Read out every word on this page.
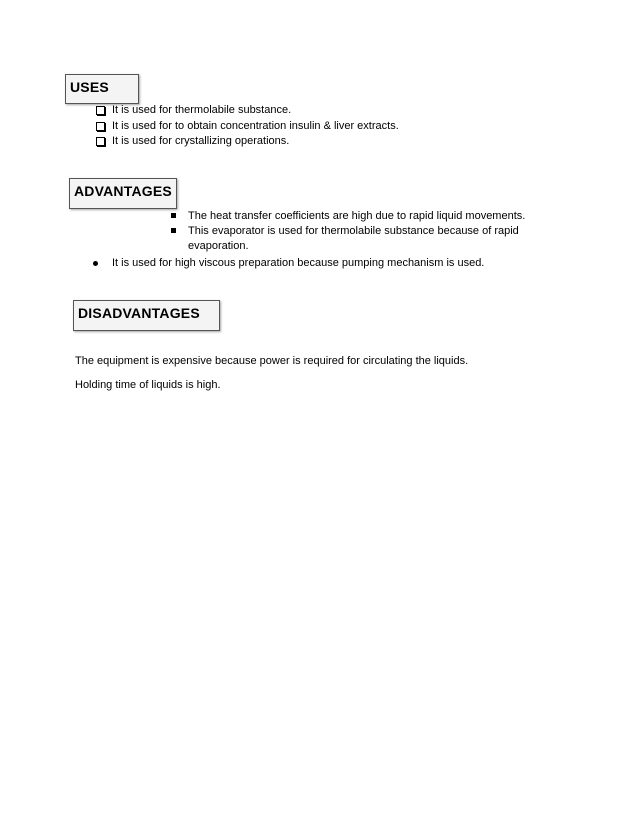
USES
It is used for thermolabile substance.
It is used for to obtain concentration insulin & liver extracts.
It is used for crystallizing operations.
ADVANTAGES
The heat transfer coefficients are high due to rapid liquid movements.
This evaporator is used for thermolabile substance because of rapid
evaporation.
It is used for high viscous preparation because pumping mechanism is used.
DISADVANTAGES
The equipment is expensive because power is required for circulating the liquids.
Holding time of liquids is high.
